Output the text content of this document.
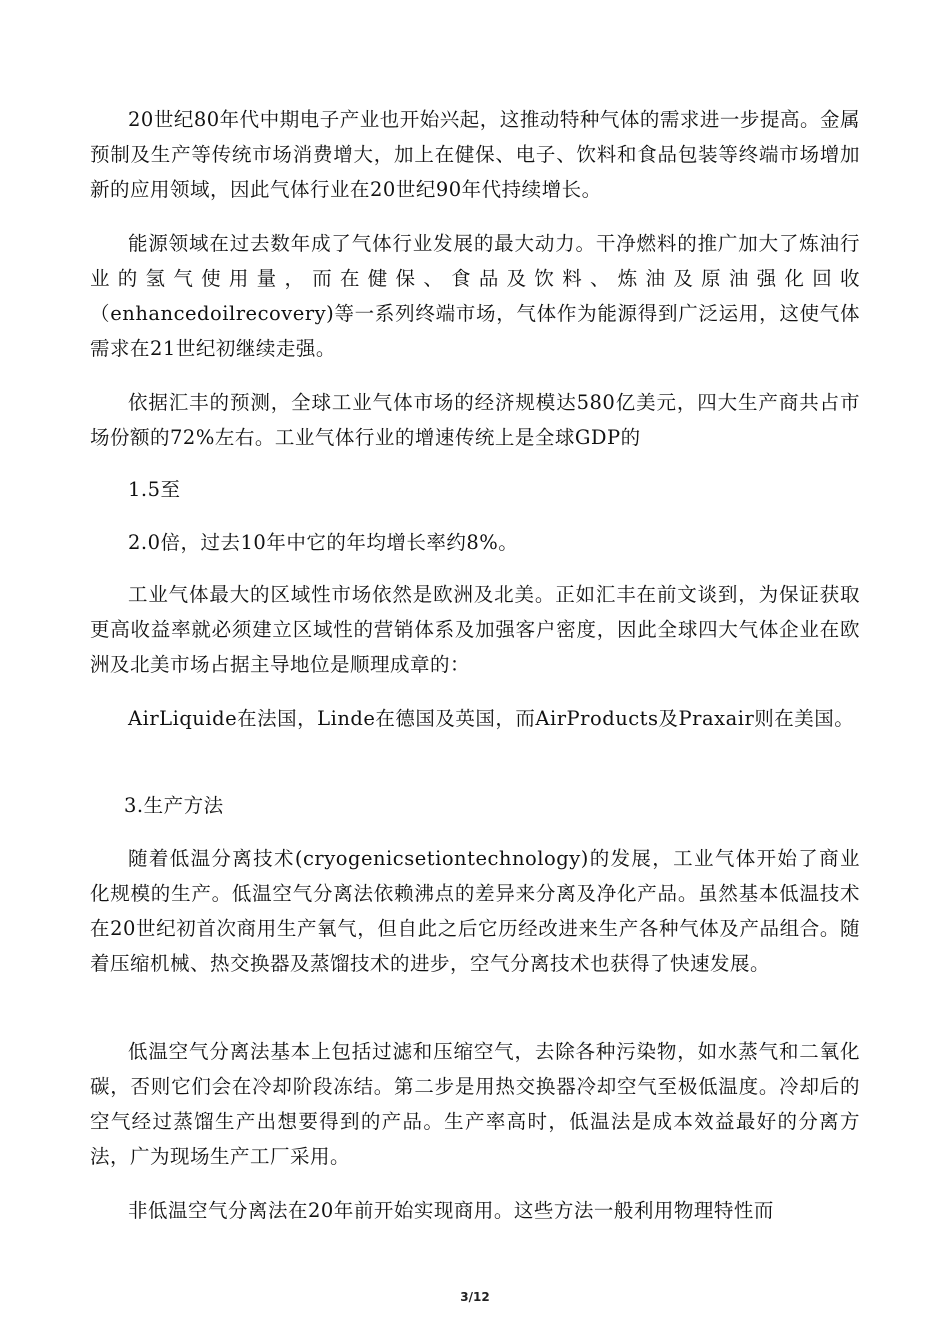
20世纪80年代中期电子产业也开始兴起，这推动特种气体的需求进一步提高。金属预制及生产等传统市场消费增大，加上在健保、电子、饮料和食品包装等终端市场增加新的应用领域，因此气体行业在20世纪90年代持续增长。

能源领域在过去数年成了气体行业发展的最大动力。干净燃料的推广加大了炼油行业的氢气使用量，而在健保、食品及饮料、炼油及原油强化回收（enhancedoilrecovery)等一系列终端市场，气体作为能源得到广泛运用，这使气体需求在21世纪初继续走强。

依据汇丰的预测，全球工业气体市场的经济规模达580亿美元，四大生产商共占市场份额的72%左右。工业气体行业的增速传统上是全球GDP的

1.5至

2.0倍，过去10年中它的年均增长率约8%。

工业气体最大的区域性市场依然是欧洲及北美。正如汇丰在前文谈到，为保证获取更高收益率就必须建立区域性的营销体系及加强客户密度，因此全球四大气体企业在欧洲及北美市场占据主导地位是顺理成章的：

AirLiquide在法国，Linde在德国及英国，而AirProducts及Praxair则在美国。

3.生产方法

随着低温分离技术(cryogenicsetiontechnology)的发展，工业气体开始了商业化规模的生产。低温空气分离法依赖沸点的差异来分离及净化产品。虽然基本低温技术在20世纪初首次商用生产氧气，但自此之后它历经改进来生产各种气体及产品组合。随着压缩机械、热交换器及蒸馏技术的进步，空气分离技术也获得了快速发展。

低温空气分离法基本上包括过滤和压缩空气，去除各种污染物，如水蒸气和二氧化碳，否则它们会在冷却阶段冻结。第二步是用热交换器冷却空气至极低温度。冷却后的空气经过蒸馏生产出想要得到的产品。生产率高时，低温法是成本效益最好的分离方法，广为现场生产工厂采用。

非低温空气分离法在20年前开始实现商用。这些方法一般利用物理特性而

3/12
